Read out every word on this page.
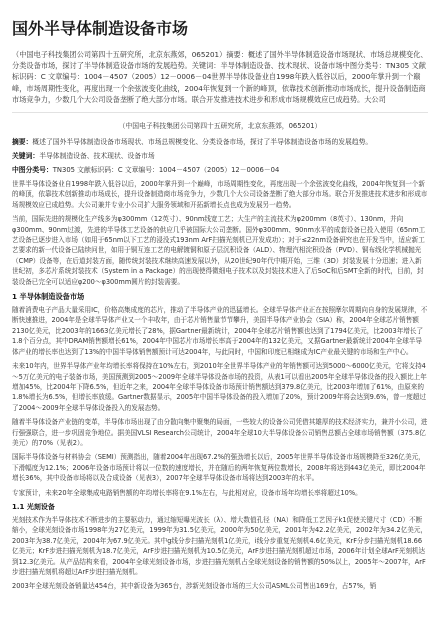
国外半导体制造设备市场
（中国电子科技集团公司第四十五研究所，北京东燕郊，065201）摘要：概述了国外半导体制造设备市场现状、市场总规模变化、分类设备市场，探讨了半导体制造设备市场的发展趋势。关键词：半导体制造设备、技术现状、设备市场中图分类号：TN305 文献标识码：C 文章编号：1004－4507（2005）12－0006－04世界半导体设备业自1998年跌入低谷以后，2000年掌升到一个巅峰，市场周期性变化，再度出现一个余弦波变化曲线，2004年恢复到一个新的峰顶，依靠技术创新推动市场成长，提升设备制造商市场竞争力，少数几个大公司设备垄断了绝大部分市场。联合开发推进技术进步和形成市场规模效应已成趋势。大公司
（中国电子科技集团公司第四十五研究所，北京东燕郊，065201）
摘要：概述了国外半导体制造设备市场现状、市场总规模变化、分类设备市场，探讨了半导体制造设备市场的发展趋势。
关键词：半导体制造设备、技术现状、设备市场
中图分类号：TN305 文献标识码：C 文章编号：1004－4507（2005）12－0006－04

世界半导体设备业自1998年跌入低谷以后，2000年掌升到一个巅峰，市场周期性变化，再度出现一个余弦波变化曲线，2004年恢复到一个新的峰顶，依靠技术创新推动市场成长，提升设备制造商市场竞争力，少数几个大公司设备垄断了绝大部分市场。联合开发推进技术进步和形成市场规模效应已成趋势。大公司兼并专业小公司扩大服务领域和开拓新增长点也成为发展另一趋势。

当前，国际先进的规模化生产线多为φ300mm（12英寸）、90nm线宽工艺；大生产的主流技术为φ200mm（8英寸）、130nm，并向φ300mm、90nm过渡，先进的半导体工艺设备的供应几乎被国际大公司垄断。国外φ300mm、90nm水平的成套设备已投入使用（65nm工艺设备已逐步进入市场（如用于65nm以下工艺的浸没式193nm ArF扫描光刻机已开发成功）；对于≤22nm设备研究也在开发当中，适应新工艺要求的新一代设备已陆续问世，如用于铜互连工艺的电解镀铜和原子层沉积设备（ALD）、物理汽相淀积设备（PVD）、铜布线化学机械抛光（CMP）设备等，在后道封装方面，随传统封装技术继续高速发展以外，从20世纪90年代中期开始，三维（3D）封装发展十分迅速；进入新世纪初，多芯片系统封装技术（System in a Package）的出现使得微细电子技术以及封装技术进入了后SoC和后SMT全新的时代，目前，封装设备已完全可以适应φ200～φ300mm圆片的封装需要。

1 半导体制造设备市场

随着消费电子产品大量采用IC，价格高集成度的芯片，推动了半导体产业的迅猛增长。全球半导体产业正在按照摩尔周期向自身的发展规律，不断快速推进，2004年是全球半导体产业又一个丰收年，由于芯片销售量节节攀升，美国半导体产业协会（SIA）称，2004年全球芯片销售额2130亿美元，比2003年的1663亿美元增长了28%，据Gartner最新统计，2004年全球芯片销售额也达到了1794亿美元，比2003年增长了1.8个百分点，其中DRAM销售额增长61%，2004年中国芯片市场增长率高于2004年的132亿美元，又据Gartner最新统计2004年全球半导体产业的增长率也达到了13%的中国半导体销售额预计可达2004年，与此同时，中国和印度已相继成为IC产业最关键的市场和生产中心。

未来10年内，世界半导体产业年均增长率将保持在10%左右，到2010年全世界半导体产业的年销售额可达到5000～6000亿美元，它将支持4～5万亿美元的电子装备市场，美国预测到2005～2009年全球半导体设备市场的投资，从表1可以看出2005年全球半导体设备的投入额比上年增加45%，比2004年下降6.5%，但近年之来，2004年全球半导体设备市场预计销售额达到379.8亿美元，比2003年增加了61%，由原来的1.8%增长为6.5%，但增长率放缓。Gartner数据显示，2005年中国半导体设备的投入增加了20%，预计2009年将会达到9.6%，曾一度超过了2004～2009年全球半导体设备投入的发展态势。

随着半导体设备产业链的变革，半导体市场出现了由分散向集中聚集的局面，一些较大的设备公司凭借其雄厚的技术经济实力，兼并小公司，进行强强联合，进一步巩固竞争地位。据美国VLSI Research公司统计，2004年全球10大半导体设备公司销售总额占全球市场销售额（375.8亿美元）的70%（见表2）。

国际半导体设备与材料协会（SEMI）预测指出，随着2004年出现67.2%的强劲增长以后，2005年世界半导体设备市场规模降至326亿美元，下滑幅度为12.1%；2006年设备市场预计将以一位数的速度增长，并在随后的两年恢复两位数增长，2008年将达到443亿美元，即比2004年增长36%，其中设备市场将以及合成设备（见表3），2007年全球半导体设备市场将达到2003年的水平。

专家预计，未来20年全球集成电路销售额的年均增长率将在9.1%左右，与此相对应，设备市场年均增长率将超过10%。

1.1 光刻设备

光刻技术作为半导体技术不断进步的主要驱动力，通过缩短曝光波长（λ）、增大数值孔径（NA）和降低工艺因子k1促使关键尺寸（CD）不断缩小，全球光刻设备市场1998年为27亿美元，1999年为31.5亿美元，2000年为50亿美元，2001年为42.2亿美元，2002年为34.2亿美元，2003年为38.7亿美元，2004年为67.9亿美元。其中g线分步扫描光刻机1亿美元，i线分步重复光刻机4.6亿美元，KrF分步扫描光刻机18.66亿美元；KrF步进扫描光刻机为18.7亿美元，ArF步进扫描光刻机为10.5亿美元，ArF步进扫描光刻机超过市场，2006年计划全球ArF光刻机达到12.3亿美元。从产品结构来看，2004年全球光刻设备市场，步进扫描光刻机占全球光刻设备的销售额的50%以上，2005年～2007年，ArF步进扫描光刻机将超过ArF步进扫描光刻机。

2003年全球光刻设备销量达454台，其中新设备为365台，涉新光刻设备市场的三大公司ASML公司售出169台，占57%，销
